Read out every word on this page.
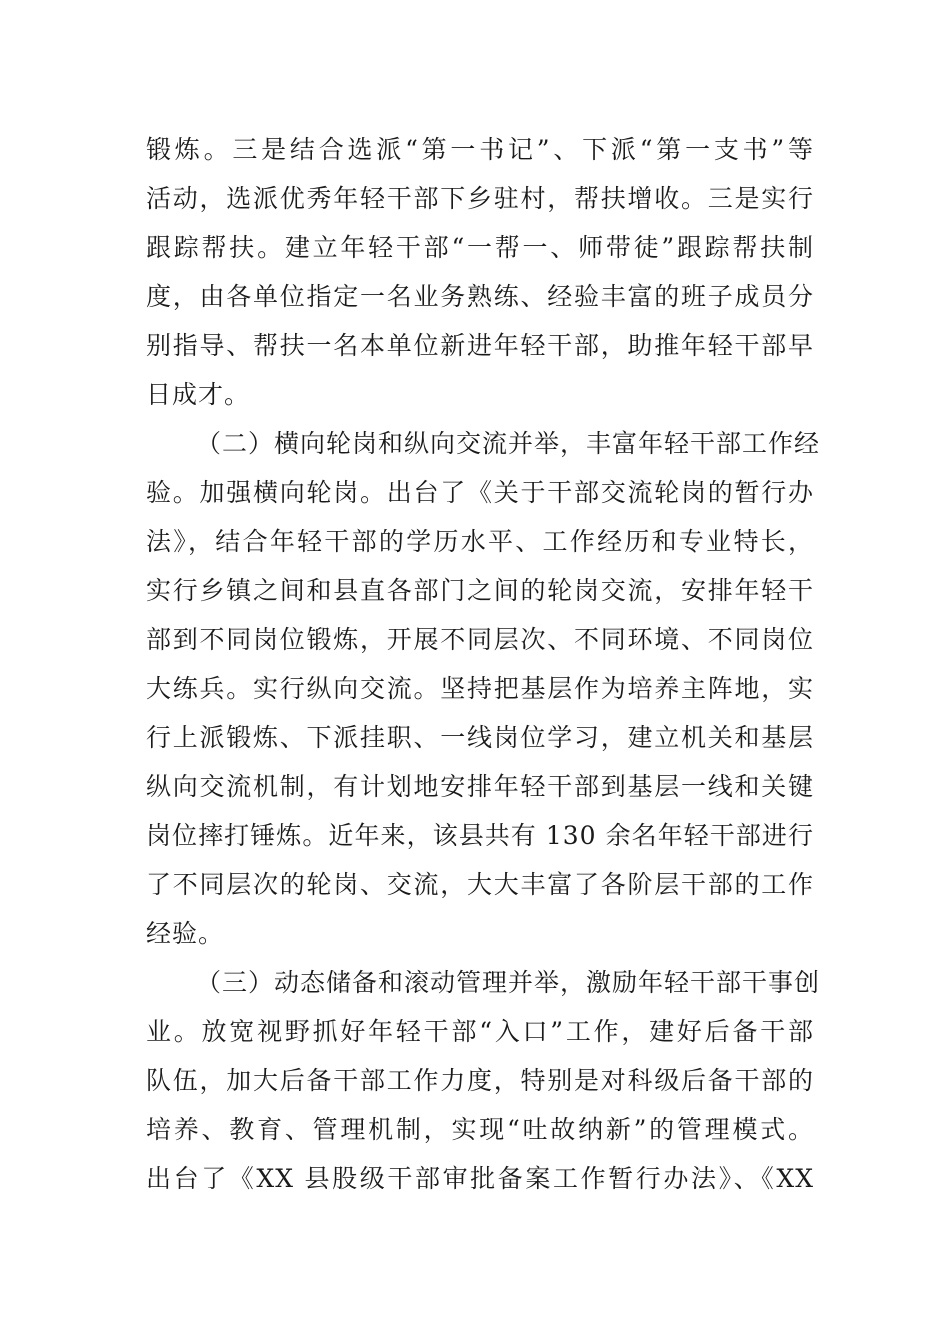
锻炼。三是结合选派“第一书记”、下派“第一支书”等
活动，选派优秀年轻干部下乡驻村，帮扶增收。三是实行
跟踪帮扶。建立年轻干部“一帮一、师带徒”跟踪帮扶制
度，由各单位指定一名业务熟练、经验丰富的班子成员分
别指导、帮扶一名本单位新进年轻干部，助推年轻干部早
日成才。
（二）横向轮岗和纵向交流并举，丰富年轻干部工作经
验。加强横向轮岗。出台了《关于干部交流轮岗的暂行办
法》，结合年轻干部的学历水平、工作经历和专业特长，
实行乡镇之间和县直各部门之间的轮岗交流，安排年轻干
部到不同岗位锻炼，开展不同层次、不同环境、不同岗位
大练兵。实行纵向交流。坚持把基层作为培养主阵地，实
行上派锻炼、下派挂职、一线岗位学习，建立机关和基层
纵向交流机制，有计划地安排年轻干部到基层一线和关键
岗位摔打锤炼。近年来，该县共有 130 余名年轻干部进行
了不同层次的轮岗、交流，大大丰富了各阶层干部的工作
经验。
（三）动态储备和滚动管理并举，激励年轻干部干事创
业。放宽视野抓好年轻干部“入口”工作，建好后备干部
队伍，加大后备干部工作力度，特别是对科级后备干部的
培养、教育、管理机制，实现“吐故纳新”的管理模式。
出台了《XX 县股级干部审批备案工作暂行办法》、《XX
